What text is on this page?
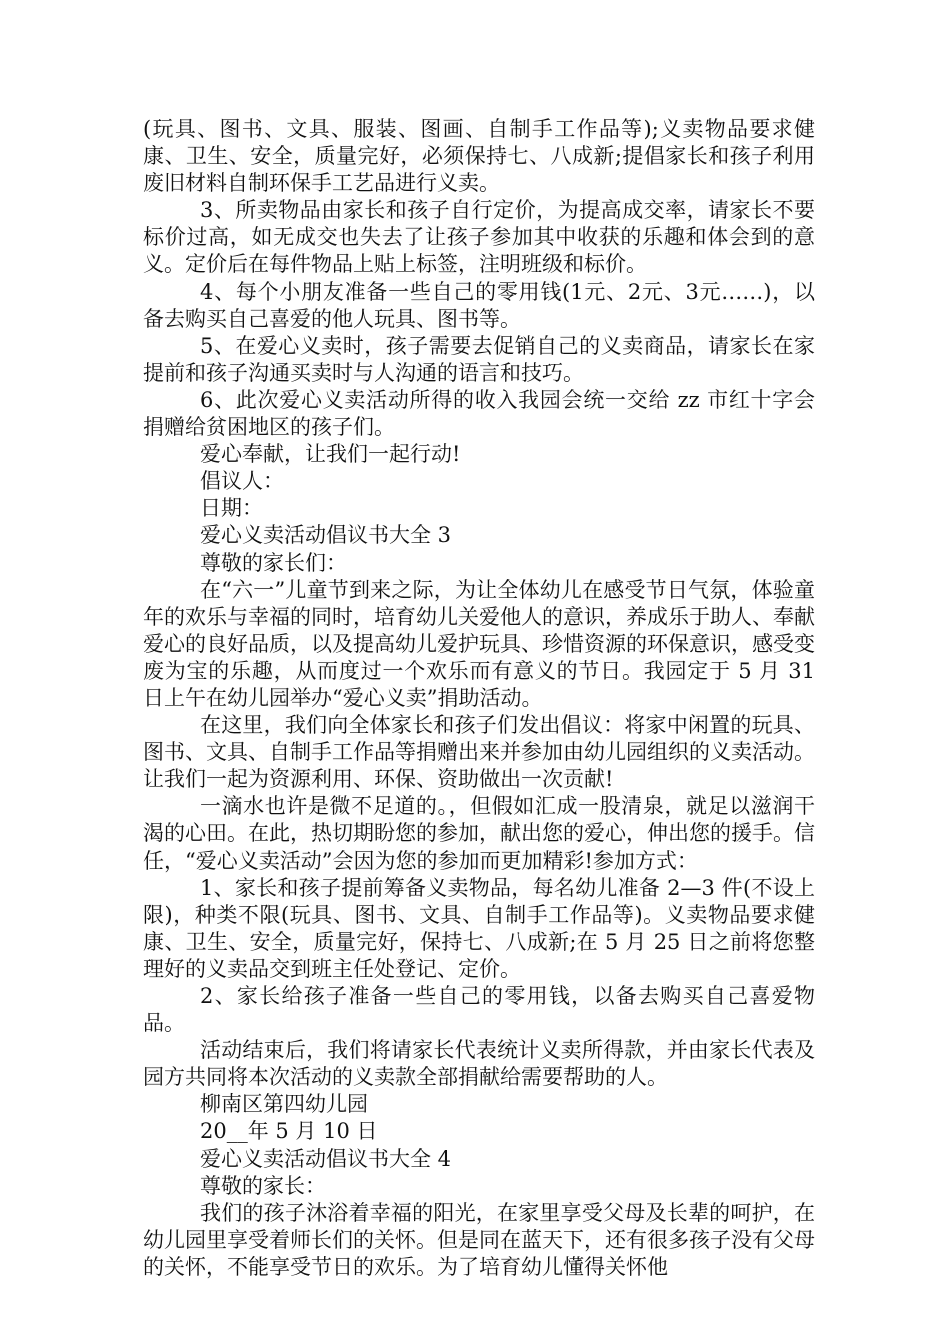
(玩具、图书、文具、服装、图画、自制手工作品等);义卖物品要求健康、卫生、安全，质量完好，必须保持七、八成新;提倡家长和孩子利用废旧材料自制环保手工艺品进行义卖。

3、所卖物品由家长和孩子自行定价，为提高成交率，请家长不要标价过高，如无成交也失去了让孩子参加其中收获的乐趣和体会到的意义。定价后在每件物品上贴上标签，注明班级和标价。

4、每个小朋友准备一些自己的零用钱(1元、2元、3元……)，以备去购买自己喜爱的他人玩具、图书等。

5、在爱心义卖时，孩子需要去促销自己的义卖商品，请家长在家提前和孩子沟通买卖时与人沟通的语言和技巧。

6、此次爱心义卖活动所得的收入我园会统一交给 zz 市红十字会捐赠给贫困地区的孩子们。

爱心奉献，让我们一起行动!

倡议人：

日期：

爱心义卖活动倡议书大全 3

尊敬的家长们：

在“六一”儿童节到来之际，为让全体幼儿在感受节日气氛，体验童年的欢乐与幸福的同时，培育幼儿关爱他人的意识，养成乐于助人、奉献爱心的良好品质，以及提高幼儿爱护玩具、珍惜资源的环保意识，感受变废为宝的乐趣，从而度过一个欢乐而有意义的节日。我园定于 5 月 31 日上午在幼儿园举办“爱心义卖”捐助活动。

在这里，我们向全体家长和孩子们发出倡议：将家中闲置的玩具、图书、文具、自制手工作品等捐赠出来并参加由幼儿园组织的义卖活动。让我们一起为资源利用、环保、资助做出一次贡献!

一滴水也许是微不足道的。，但假如汇成一股清泉，就足以滋润干渴的心田。在此，热切期盼您的参加，献出您的爱心，伸出您的援手。信任，“爱心义卖活动”会因为您的参加而更加精彩!参加方式：

1、家长和孩子提前筹备义卖物品，每名幼儿准备 2—3 件(不设上限)，种类不限(玩具、图书、文具、自制手工作品等)。义卖物品要求健康、卫生、安全，质量完好，保持七、八成新;在 5 月 25 日之前将您整理好的义卖品交到班主任处登记、定价。

2、家长给孩子准备一些自己的零用钱，以备去购买自己喜爱物品。

活动结束后，我们将请家长代表统计义卖所得款，并由家长代表及园方共同将本次活动的义卖款全部捐献给需要帮助的人。

柳南区第四幼儿园

20__年 5 月 10 日

爱心义卖活动倡议书大全 4

尊敬的家长：

我们的孩子沐浴着幸福的阳光，在家里享受父母及长辈的呵护，在幼儿园里享受着师长们的关怀。但是同在蓝天下，还有很多孩子没有父母的关怀，不能享受节日的欢乐。为了培育幼儿懂得关怀他
